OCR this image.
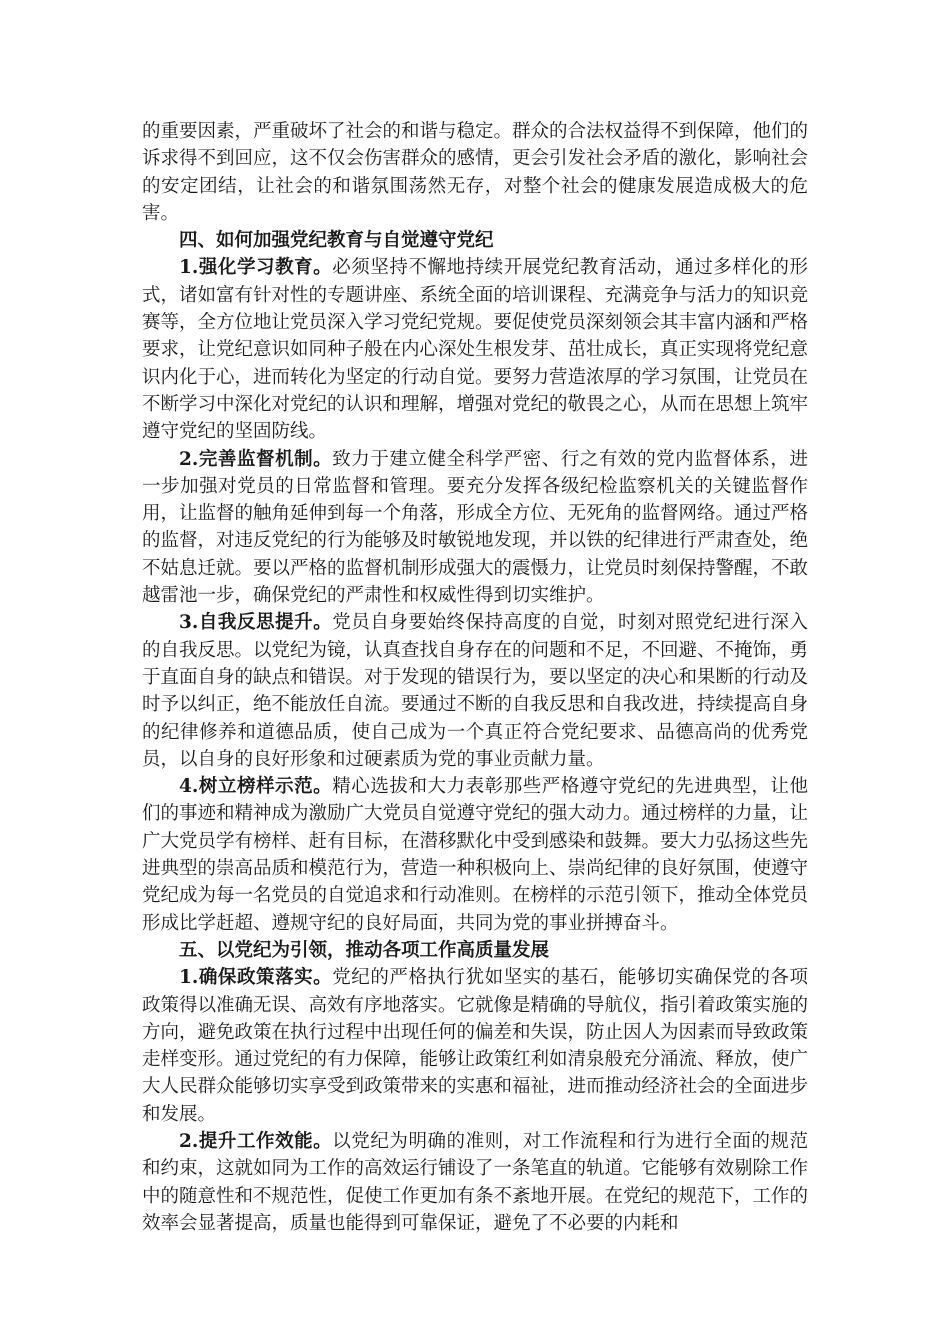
的重要因素，严重破坏了社会的和谐与稳定。群众的合法权益得不到保障，他们的诉求得不到回应，这不仅会伤害群众的感情，更会引发社会矛盾的激化，影响社会的安定团结，让社会的和谐氛围荡然无存，对整个社会的健康发展造成极大的危害。

四、如何加强党纪教育与自觉遵守党纪

1.强化学习教育。必须坚持不懈地持续开展党纪教育活动，通过多样化的形式，诸如富有针对性的专题讲座、系统全面的培训课程、充满竞争与活力的知识竞赛等，全方位地让党员深入学习党纪党规。要促使党员深刻领会其丰富内涵和严格要求，让党纪意识如同种子般在内心深处生根发芽、茁壮成长，真正实现将党纪意识内化于心，进而转化为坚定的行动自觉。要努力营造浓厚的学习氛围，让党员在不断学习中深化对党纪的认识和理解，增强对党纪的敬畏之心，从而在思想上筑牢遵守党纪的坚固防线。

2.完善监督机制。致力于建立健全科学严密、行之有效的党内监督体系，进一步加强对党员的日常监督和管理。要充分发挥各级纪检监察机关的关键监督作用，让监督的触角延伸到每一个角落，形成全方位、无死角的监督网络。通过严格的监督，对违反党纪的行为能够及时敏锐地发现，并以铁的纪律进行严肃查处，绝不姑息迁就。要以严格的监督机制形成强大的震慑力，让党员时刻保持警醒，不敢越雷池一步，确保党纪的严肃性和权威性得到切实维护。

3.自我反思提升。党员自身要始终保持高度的自觉，时刻对照党纪进行深入的自我反思。以党纪为镜，认真查找自身存在的问题和不足，不回避、不掩饰，勇于直面自身的缺点和错误。对于发现的错误行为，要以坚定的决心和果断的行动及时予以纠正，绝不能放任自流。要通过不断的自我反思和自我改进，持续提高自身的纪律修养和道德品质，使自己成为一个真正符合党纪要求、品德高尚的优秀党员，以自身的良好形象和过硬素质为党的事业贡献力量。

4.树立榜样示范。精心选拔和大力表彰那些严格遵守党纪的先进典型，让他们的事迹和精神成为激励广大党员自觉遵守党纪的强大动力。通过榜样的力量，让广大党员学有榜样、赶有目标，在潜移默化中受到感染和鼓舞。要大力弘扬这些先进典型的崇高品质和模范行为，营造一种积极向上、崇尚纪律的良好氛围，使遵守党纪成为每一名党员的自觉追求和行动准则。在榜样的示范引领下，推动全体党员形成比学赶超、遵规守纪的良好局面，共同为党的事业拼搏奋斗。

五、以党纪为引领，推动各项工作高质量发展

1.确保政策落实。党纪的严格执行犹如坚实的基石，能够切实确保党的各项政策得以准确无误、高效有序地落实。它就像是精确的导航仪，指引着政策实施的方向，避免政策在执行过程中出现任何的偏差和失误，防止因人为因素而导致政策走样变形。通过党纪的有力保障，能够让政策红利如清泉般充分涌流、释放，使广大人民群众能够切实享受到政策带来的实惠和福祉，进而推动经济社会的全面进步和发展。

2.提升工作效能。以党纪为明确的准则，对工作流程和行为进行全面的规范和约束，这就如同为工作的高效运行铺设了一条笔直的轨道。它能够有效剔除工作中的随意性和不规范性，促使工作更加有条不紊地开展。在党纪的规范下，工作的效率会显著提高，质量也能得到可靠保证，避免了不必要的内耗和
